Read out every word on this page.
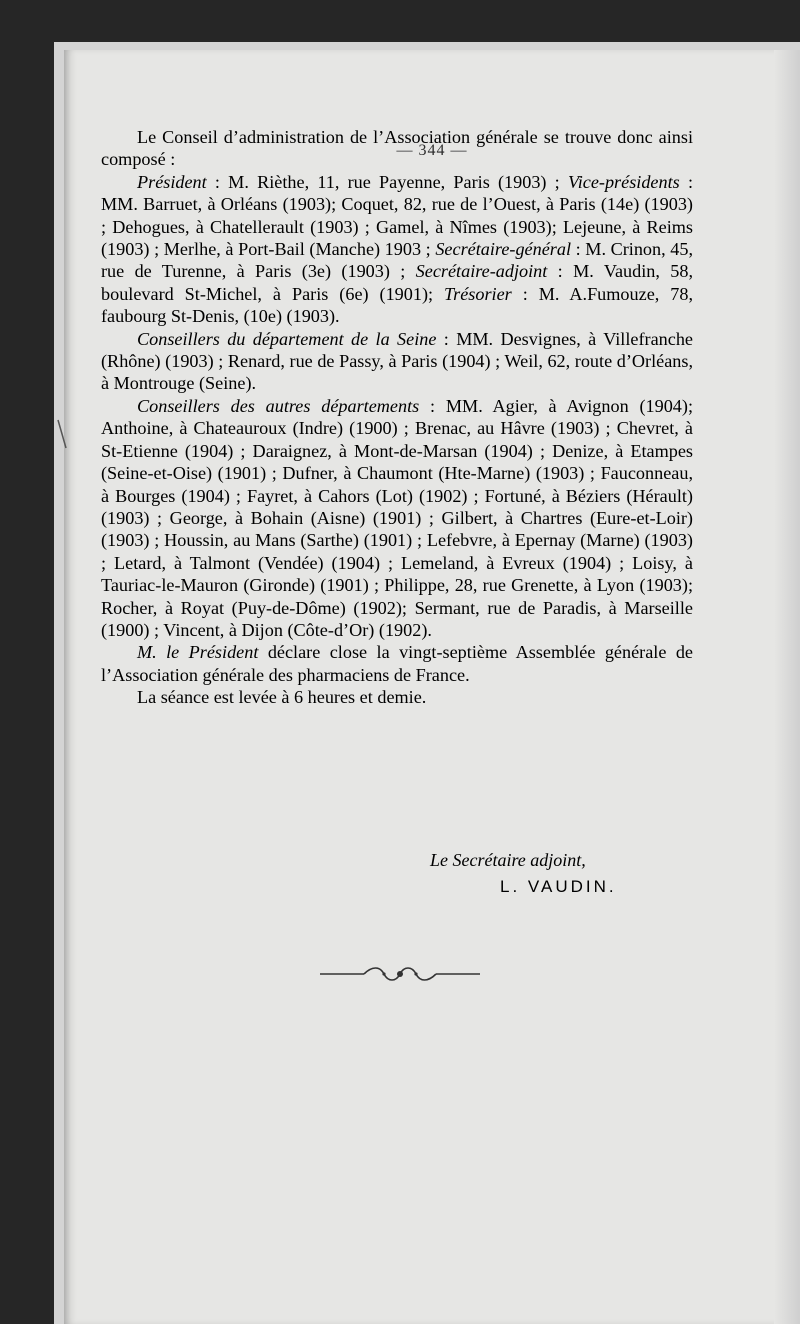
— 344 —

Le Conseil d’administration de l’Association générale se trouve donc ainsi composé :

Président : M. Rièthe, 11, rue Payenne, Paris (1903) ; Vice-présidents : MM. Barruet, à Orléans (1903); Coquet, 82, rue de l’Ouest, à Paris (14e) (1903) ; Dehogues, à Chatellerault (1903) ; Gamel, à Nîmes (1903); Lejeune, à Reims (1903) ; Merlhe, à Port-Bail (Manche) 1903 ; Secrétaire-général : M. Crinon, 45, rue de Turenne, à Paris (3e) (1903) ; Secrétaire-adjoint : M. Vaudin, 58, boulevard St-Michel, à Paris (6e) (1901); Trésorier : M. A.Fumouze, 78, faubourg St-Denis, (10e) (1903).

Conseillers du département de la Seine : MM. Desvignes, à Villefranche (Rhône) (1903) ; Renard, rue de Passy, à Paris (1904) ; Weil, 62, route d’Orléans, à Montrouge (Seine).

Conseillers des autres départements : MM. Agier, à Avignon (1904); Anthoine, à Chateauroux (Indre) (1900) ; Brenac, au Hâvre (1903) ; Chevret, à St-Etienne (1904) ; Daraignez, à Mont-de-Marsan (1904) ; Denize, à Etampes (Seine-et-Oise) (1901) ; Dufner, à Chaumont (Hte-Marne) (1903) ; Fauconneau, à Bourges (1904) ; Fayret, à Cahors (Lot) (1902) ; Fortuné, à Béziers (Hérault) (1903) ; George, à Bohain (Aisne) (1901) ; Gilbert, à Chartres (Eure-et-Loir) (1903) ; Houssin, au Mans (Sarthe) (1901) ; Lefebvre, à Epernay (Marne) (1903) ; Letard, à Talmont (Vendée) (1904) ; Lemeland, à Evreux (1904) ; Loisy, à Tauriac-le-Mauron (Gironde) (1901) ; Philippe, 28, rue Grenette, à Lyon (1903); Rocher, à Royat (Puy-de-Dôme) (1902); Sermant, rue de Paradis, à Marseille (1900) ; Vincent, à Dijon (Côte-d’Or) (1902).

M. le Président déclare close la vingt-septième Assemblée générale de l’Association générale des pharmaciens de France.

La séance est levée à 6 heures et demie.

Le Secrétaire adjoint,
L. VAUDIN.
